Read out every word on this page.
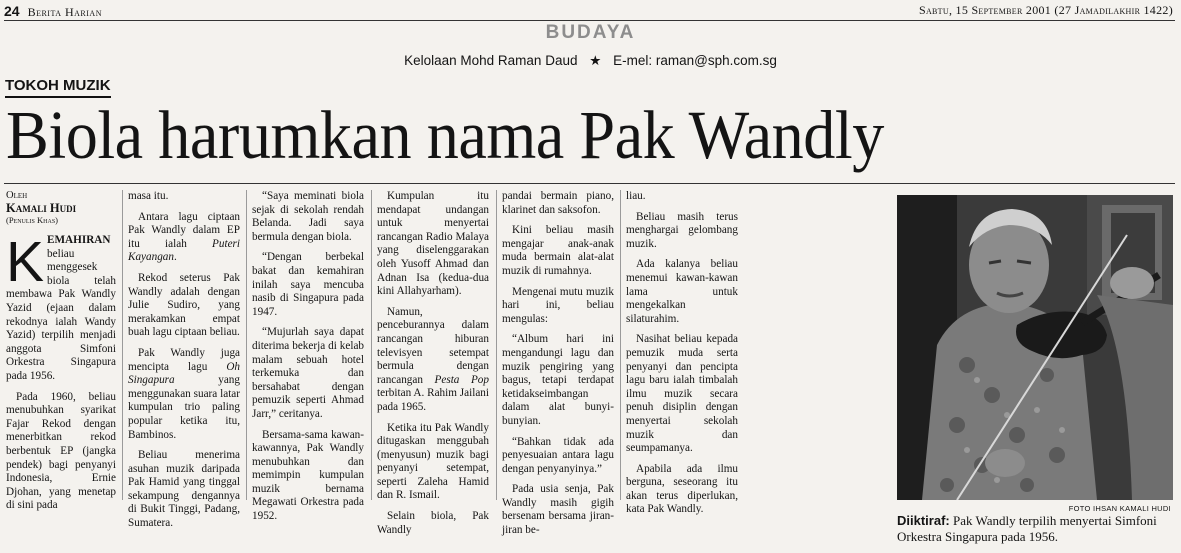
24 Berita Harian	Sabtu, 15 September 2001 (27 Jamadilakhir 1422)
BUDAYA
Kelolaan Mohd Raman Daud ★ E-mel: raman@sph.com.sg
TOKOH MUZIK
Biola harumkan nama Pak Wandly
Oleh
Kamali Hudi
(Penulis Khas)

KEMAHIRAN beliau menggesek biola telah membawa Pak Wandly Yazid (ejaan dalam rekodnya ialah Wandy Yazid) terpilih menjadi anggota Simfoni Orkestra Singapura pada 1956.

Pada 1960, beliau menubuhkan syarikat Fajar Rekod dengan menerbitkan rekod berbentuk EP (jangka pendek) bagi penyanyi Indonesia, Ernie Djohan, yang menetap di sini pada

masa itu.

Antara lagu ciptaan Pak Wandly dalam EP itu ialah Puteri Kayangan.

Rekod seterus Pak Wandly adalah dengan Julie Sudiro, yang merakamkan empat buah lagu ciptaan beliau.

Pak Wandly juga mencipta lagu Oh Singapura yang menggunakan suara latar kumpulan trio paling popular ketika itu, Bambinos.

Beliau menerima asuhan muzik daripada Pak Hamid yang tinggal sekampung dengannya di Bukit Tinggi, Padang, Sumatera.

“Saya meminati biola sejak di sekolah rendah Belanda. Jadi saya bermula dengan biola.

“Dengan berbekal bakat dan kemahiran inilah saya mencuba nasib di Singapura pada 1947.

“Mujurlah saya dapat diterima bekerja di kelab malam sebuah hotel terkemuka dan bersahabat dengan pemuzik seperti Ahmad Jarr,” ceritanya.

Bersama-sama kawan-kawannya, Pak Wandly menubuhkan dan memimpin kumpulan muzik bernama Megawati Orkestra pada 1952.

Kumpulan itu mendapat undangan untuk menyertai rancangan Radio Malaya yang diselenggarakan oleh Yusoff Ahmad dan Adnan Isa (kedua-dua kini Allahyarham).

Namun, penceburannya dalam rancangan hiburan televisyen setempat bermula dengan rancangan Pesta Pop terbitan A. Rahim Jailani pada 1965.

Ketika itu Pak Wandly ditugaskan menggubah (menyusun) muzik bagi penyanyi setempat, seperti Zaleha Hamid dan R. Ismail.

Selain biola, Pak Wandly

pandai bermain piano, klarinet dan saksofon.

Kini beliau masih mengajar anak-anak muda bermain alat-alat muzik di rumahnya.

Mengenai mutu muzik hari ini, beliau mengulas:

“Album hari ini mengandungi lagu dan muzik pengiring yang bagus, tetapi terdapat ketidakseimbangan dalam alat bunyi-bunyian.

“Bahkan tidak ada penyesuaian antara lagu dengan penyanyinya.”

Pada usia senja, Pak Wandly masih gigih bersenam bersama jiran-jiran be-

liau.

Beliau masih terus menghargai gelombang muzik.

Ada kalanya beliau menemui kawan-kawan lama untuk mengekalkan silaturahim.

Nasihat beliau kepada pemuzik muda serta penyanyi dan pencipta lagu baru ialah timbalah ilmu muzik secara penuh disiplin dengan menyertai sekolah muzik dan seumpamanya.

Apabila ada ilmu berguna, seseorang itu akan terus diperlukan, kata Pak Wandly.	FOTO IHSAN KAMALI HUDI
Diiktiraf: Pak Wandly terpilih menyertai Simfoni Orkestra Singapura pada 1956.
